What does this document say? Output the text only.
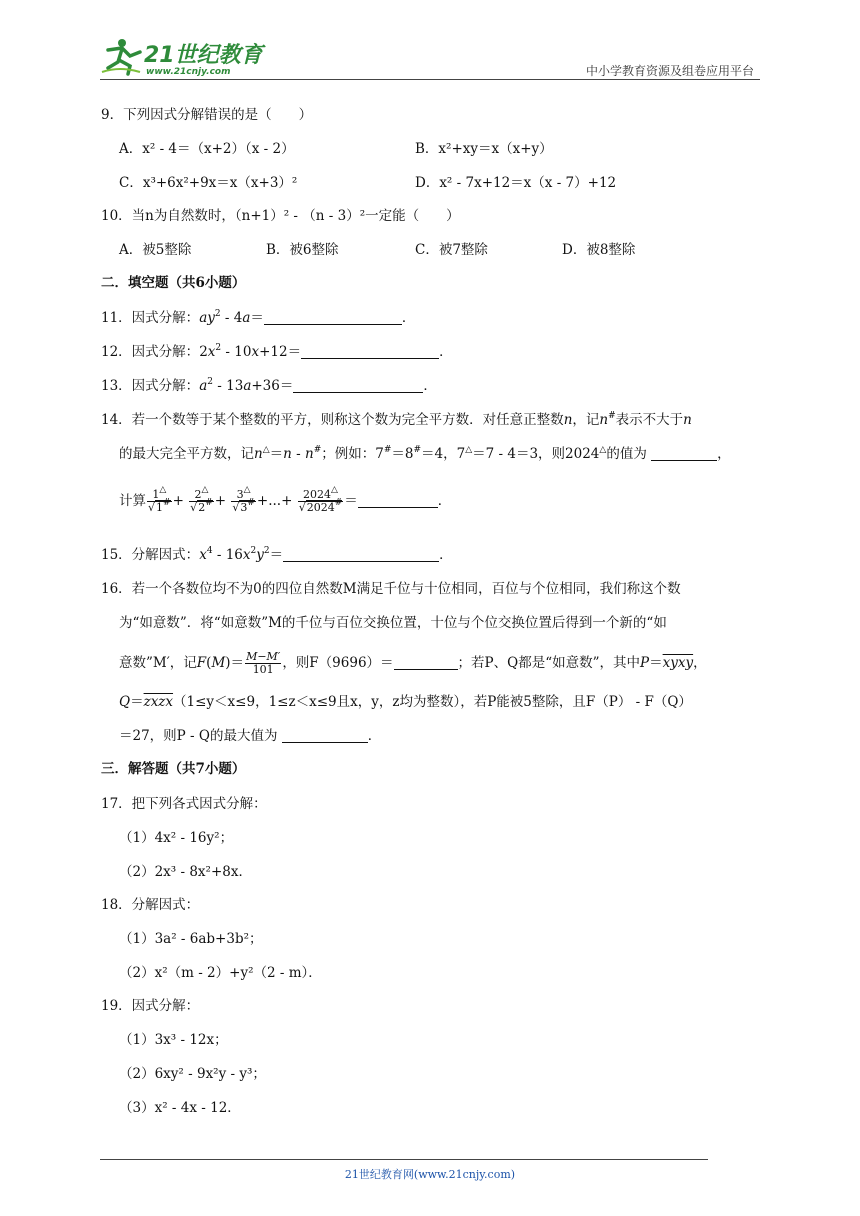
21世纪教育
www.21cnjy.com	中小学教育资源及组卷应用平台
9．下列因式分解错误的是（　　）
A．x² - 4＝（x+2）（x - 2）	B．x²+xy＝x（x+y）
C．x³+6x²+9x＝x（x+3）²	D．x² - 7x+12＝x（x - 7）+12
10．当n为自然数时，（n+1）² - （n - 3）²一定能（　　）
A．被5整除	B．被6整除	C．被7整除	D．被8整除
二．填空题（共6小题）
11．因式分解：$ay^2 - 4a=$	．
12．因式分解：$2x^2 - 10x+12=$	．
13．因式分解：$a^2 - 13a+36=$	．
14．若一个数等于某个整数的平方，则称这个数为完全平方数．对任意正整数n，记n#表示不大于n
的最大完全平方数，记n△＝n - n#；例如：7#＝8#＝4，7△＝7 - 4＝3，则2024△的值为	，
计算 $\frac{1^\triangle}{√1^{\#}} + \frac{2^\triangle}{√2^{\#}} + \frac{3^\triangle}{√3^{\#}}$ +...+ $\frac{2024^\triangle}{√2024^{\#}}$ ＝	．
15．分解因式：$x^4 - 16x^2y^2=$	．
16．若一个各数位均不为0的四位自然数M满足千位与十位相同，百位与个位相同，我们称这个数
为“如意数”．将“如意数”M的千位与百位交换位置，十位与个位交换位置后得到一个新的“如
意数”M′，记$F(M)= \frac{M-M'}{101}$ ，则F（9696）＝	；若P、Q都是“如意数”，其中P＝xyxy，
Q＝zxzx（1≤y＜x≤9，1≤z＜x≤9且x，y，z均为整数），若P能被5整除，且F（P） - F（Q）
＝27，则P - Q的最大值为	．
三．解答题（共7小题）
17．把下列各式因式分解：
（1）4x² - 16y²；
（2）2x³ - 8x²+8x．
18．分解因式：
（1）3a² - 6ab+3b²；
（2）x²（m - 2）+y²（2 - m）．
19．因式分解：
（1）3x³ - 12x；
（2）6xy² - 9x²y - y³；
（3）x² - 4x - 12．
21世纪教育网(www.21cnjy.com)
